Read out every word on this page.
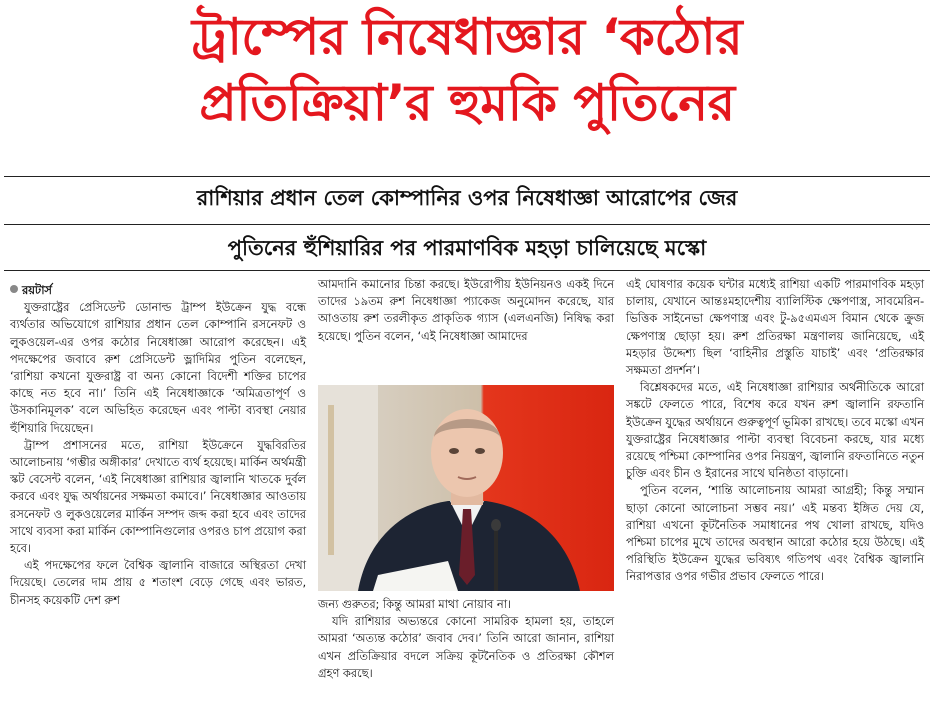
ট্রাম্পের নিষেধাজ্ঞার ‘কঠোর
প্রতিক্রিয়া’র হুমকি পুতিনের
রাশিয়ার প্রধান তেল কোম্পানির ওপর নিষেধাজ্ঞা আরোপের জের
পুতিনের হুঁশিয়ারির পর পারমাণবিক মহড়া চালিয়েছে মস্কো

রয়টার্স

যুক্তরাষ্ট্রের প্রেসিডেন্ট ডোনাল্ড ট্রাম্প ইউক্রেন যুদ্ধ বন্ধে ব্যর্থতার অভিযোগে রাশিয়ার প্রধান তেল কোম্পানি রসনেফট ও লুকওয়েল-এর ওপর কঠোর নিষেধাজ্ঞা আরোপ করেছেন। এই পদক্ষেপের জবাবে রুশ প্রেসিডেন্ট ভ্লাদিমির পুতিন বলেছেন, ‘রাশিয়া কখনো যুক্তরাষ্ট্র বা অন্য কোনো বিদেশী শক্তির চাপের কাছে নত হবে না।’ তিনি এই নিষেধাজ্ঞাকে ‘অমিত্রতাপূর্ণ ও উসকানিমূলক’ বলে অভিহিত করেছেন এবং পাল্টা ব্যবস্থা নেয়ার হুঁশিয়ারি দিয়েছেন।

ট্রাম্প প্রশাসনের মতে, রাশিয়া ইউক্রেনে যুদ্ধবিরতির আলোচনায় ‘গম্ভীর অঙ্গীকার’ দেখাতে ব্যর্থ হয়েছে। মার্কিন অর্থমন্ত্রী স্কট বেসেন্ট বলেন, ‘এই নিষেধাজ্ঞা রাশিয়ার জ্বালানি খাতকে দুর্বল করবে এবং যুদ্ধ অর্থায়নের সক্ষমতা কমাবে।’ নিষেধাজ্ঞার আওতায় রসনেফট ও লুকওয়েলের মার্কিন সম্পদ জব্দ করা হবে এবং তাদের সাথে ব্যবসা করা মার্কিন কোম্পানিগুলোর ওপরও চাপ প্রয়োগ করা হবে।

এই পদক্ষেপের ফলে বৈশ্বিক জ্বালানি বাজারে অস্থিরতা দেখা দিয়েছে। তেলের দাম প্রায় ৫ শতাংশ বেড়ে গেছে এবং ভারত, চীনসহ কয়েকটি দেশ রুশ

আমদানি কমানোর চিন্তা করছে। ইউরোপীয় ইউনিয়নও একই দিনে তাদের ১৯তম রুশ নিষেধাজ্ঞা প্যাকেজ অনুমোদন করেছে, যার আওতায় রুশ তরলীকৃত প্রাকৃতিক গ্যাস (এলএনজি) নিষিদ্ধ করা হয়েছে। পুতিন বলেন, ‘এই নিষেধাজ্ঞা আমাদের

জন্য গুরুতর; কিন্তু আমরা মাথা নোয়াব না।

যদি রাশিয়ার অভ্যন্তরে কোনো সামরিক হামলা হয়, তাহলে আমরা ‘অত্যন্ত কঠোর’ জবাব দেব।’ তিনি আরো জানান, রাশিয়া এখন প্রতিক্রিয়ার বদলে সক্রিয় কূটনৈতিক ও প্রতিরক্ষা কৌশল গ্রহণ করছে।

এই ঘোষণার কয়েক ঘন্টার মধ্যেই রাশিয়া একটি পারমাণবিক মহড়া চালায়, যেখানে আন্তঃমহাদেশীয় ব্যালিস্টিক ক্ষেপণাস্ত্র, সাবমেরিন-ভিত্তিক সাইনেভা ক্ষেপণাস্ত্র এবং টু-৯৫এমএস বিমান থেকে ক্রুজ ক্ষেপণাস্ত্র ছোড়া হয়। রুশ প্রতিরক্ষা মন্ত্রণালয় জানিয়েছে, এই মহড়ার উদ্দেশ্য ছিল ‘বাহিনীর প্রস্তুতি যাচাই’ এবং ‘প্রতিরক্ষার সক্ষমতা প্রদর্শন’।

বিশ্লেষকদের মতে, এই নিষেধাজ্ঞা রাশিয়ার অর্থনীতিকে আরো সঙ্কটে ফেলতে পারে, বিশেষ করে যখন রুশ জ্বালানি রফতানি ইউক্রেন যুদ্ধের অর্থায়নে গুরুত্বপূর্ণ ভূমিকা রাখছে। তবে মস্কো এখন যুক্তরাষ্ট্রের নিষেধাজ্ঞার পাল্টা ব্যবস্থা বিবেচনা করছে, যার মধ্যে রয়েছে পশ্চিমা কোম্পানির ওপর নিয়ন্ত্রণ, জ্বালানি রফতানিতে নতুন চুক্তি এবং চীন ও ইরানের সাথে ঘনিষ্ঠতা বাড়ানো।

পুতিন বলেন, ‘শান্তি আলোচনায় আমরা আগ্রহী; কিন্তু সম্মান ছাড়া কোনো আলোচনা সম্ভব নয়।’ এই মন্তব্য ইঙ্গিত দেয় যে, রাশিয়া এখনো কূটনৈতিক সমাধানের পথ খোলা রাখছে, যদিও পশ্চিমা চাপের মুখে তাদের অবস্থান আরো কঠোর হয়ে উঠছে। এই পরিস্থিতি ইউক্রেন যুদ্ধের ভবিষ্যৎ গতিপথ এবং বৈশ্বিক জ্বালানি নিরাপত্তার ওপর গভীর প্রভাব ফেলতে পারে।
